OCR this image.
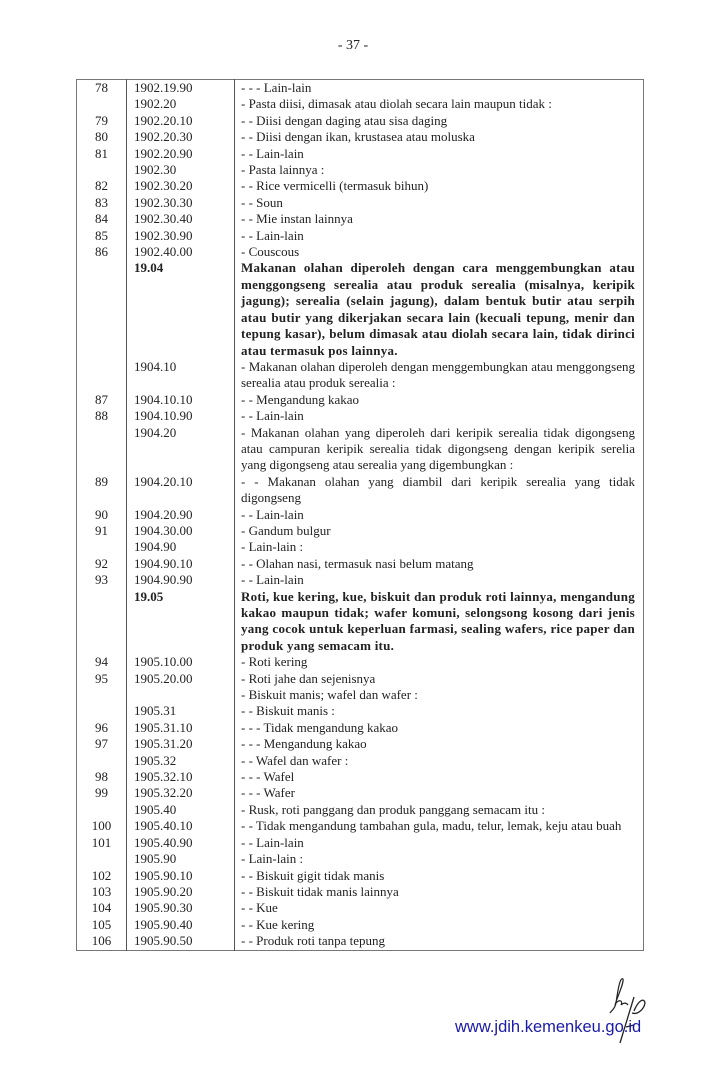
- 37 -
78	1902.19.90	- - - Lain-lain
	1902.20	- Pasta diisi, dimasak atau diolah secara lain maupun tidak :
79	1902.20.10	- - Diisi dengan daging atau sisa daging
80	1902.20.30	- - Diisi dengan ikan, krustasea atau moluska
81	1902.20.90	- - Lain-lain
	1902.30	- Pasta lainnya :
82	1902.30.20	- - Rice vermicelli (termasuk bihun)
83	1902.30.30	- - Soun
84	1902.30.40	- - Mie instan lainnya
85	1902.30.90	- - Lain-lain
86	1902.40.00	- Couscous
	19.04	Makanan olahan diperoleh dengan cara menggembungkan atau menggongseng serealia atau produk serealia (misalnya, keripik jagung); serealia (selain jagung), dalam bentuk butir atau serpih atau butir yang dikerjakan secara lain (kecuali tepung, menir dan tepung kasar), belum dimasak atau diolah secara lain, tidak dirinci atau termasuk pos lainnya.
	1904.10	- Makanan olahan diperoleh dengan menggembungkan atau menggongseng serealia atau produk serealia :
87	1904.10.10	- - Mengandung kakao
88	1904.10.90	- - Lain-lain
	1904.20	- Makanan olahan yang diperoleh dari keripik serealia tidak digongseng atau campuran keripik serealia tidak digongseng dengan keripik serelia yang digongseng atau serealia yang digembungkan :
89	1904.20.10	- - Makanan olahan yang diambil dari keripik serealia yang tidak digongseng
90	1904.20.90	- - Lain-lain
91	1904.30.00	- Gandum bulgur
	1904.90	- Lain-lain :
92	1904.90.10	- - Olahan nasi, termasuk nasi belum matang
93	1904.90.90	- - Lain-lain
	19.05	Roti, kue kering, kue, biskuit dan produk roti lainnya, mengandung kakao maupun tidak; wafer komuni, selongsong kosong dari jenis yang cocok untuk keperluan farmasi, sealing wafers, rice paper dan produk yang semacam itu.
94	1905.10.00	- Roti kering
95	1905.20.00	- Roti jahe dan sejenisnya
		- Biskuit manis; wafel dan wafer :
	1905.31	- - Biskuit manis :
96	1905.31.10	- - - Tidak mengandung kakao
97	1905.31.20	- - - Mengandung kakao
	1905.32	- - Wafel dan wafer :
98	1905.32.10	- - - Wafel
99	1905.32.20	- - - Wafer
	1905.40	- Rusk, roti panggang dan produk panggang semacam itu :
100	1905.40.10	- - Tidak mengandung tambahan gula, madu, telur, lemak, keju atau buah
101	1905.40.90	- - Lain-lain
	1905.90	- Lain-lain :
102	1905.90.10	- - Biskuit gigit tidak manis
103	1905.90.20	- - Biskuit tidak manis lainnya
104	1905.90.30	- - Kue
105	1905.90.40	- - Kue kering
106	1905.90.50	- - Produk roti tanpa tepung
www.jdih.kemenkeu.go.id
